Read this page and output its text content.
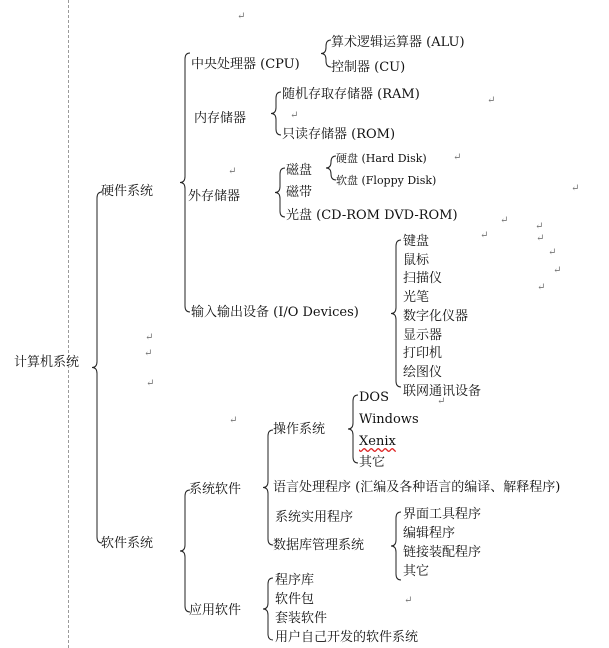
计算机系统
硬件系统
软件系统
中央处理器 (CPU)
算术逻辑运算器 (ALU)
控制器 (CU)
内存储器
随机存取存储器 (RAM)
只读存储器 (ROM)
外存储器
磁盘
硬盘 (Hard Disk)
软盘 (Floppy Disk)
磁带
光盘 (CD-ROM DVD-ROM)
输入输出设备 (I/O Devices)
操作系统
DOS
Windows
Xenix
其它
系统软件 语言处理程序 (汇编及各种语言的编译、解释程序)
系统实用程序
数据库管理系统
应用软件
键盘
鼠标
扫描仪
光笔
数字化仪器
显示器
打印机
绘图仪
联网通讯设备
界面工具程序
编辑程序
链接装配程序
其它
程序库
软件包
套装软件
用户自己开发的软件系统
↵
↵
↵
↵
↵
↵
↵
↵
↵
↵
↵
↵
↵
↵
↵
↵
↵
↵
↵
